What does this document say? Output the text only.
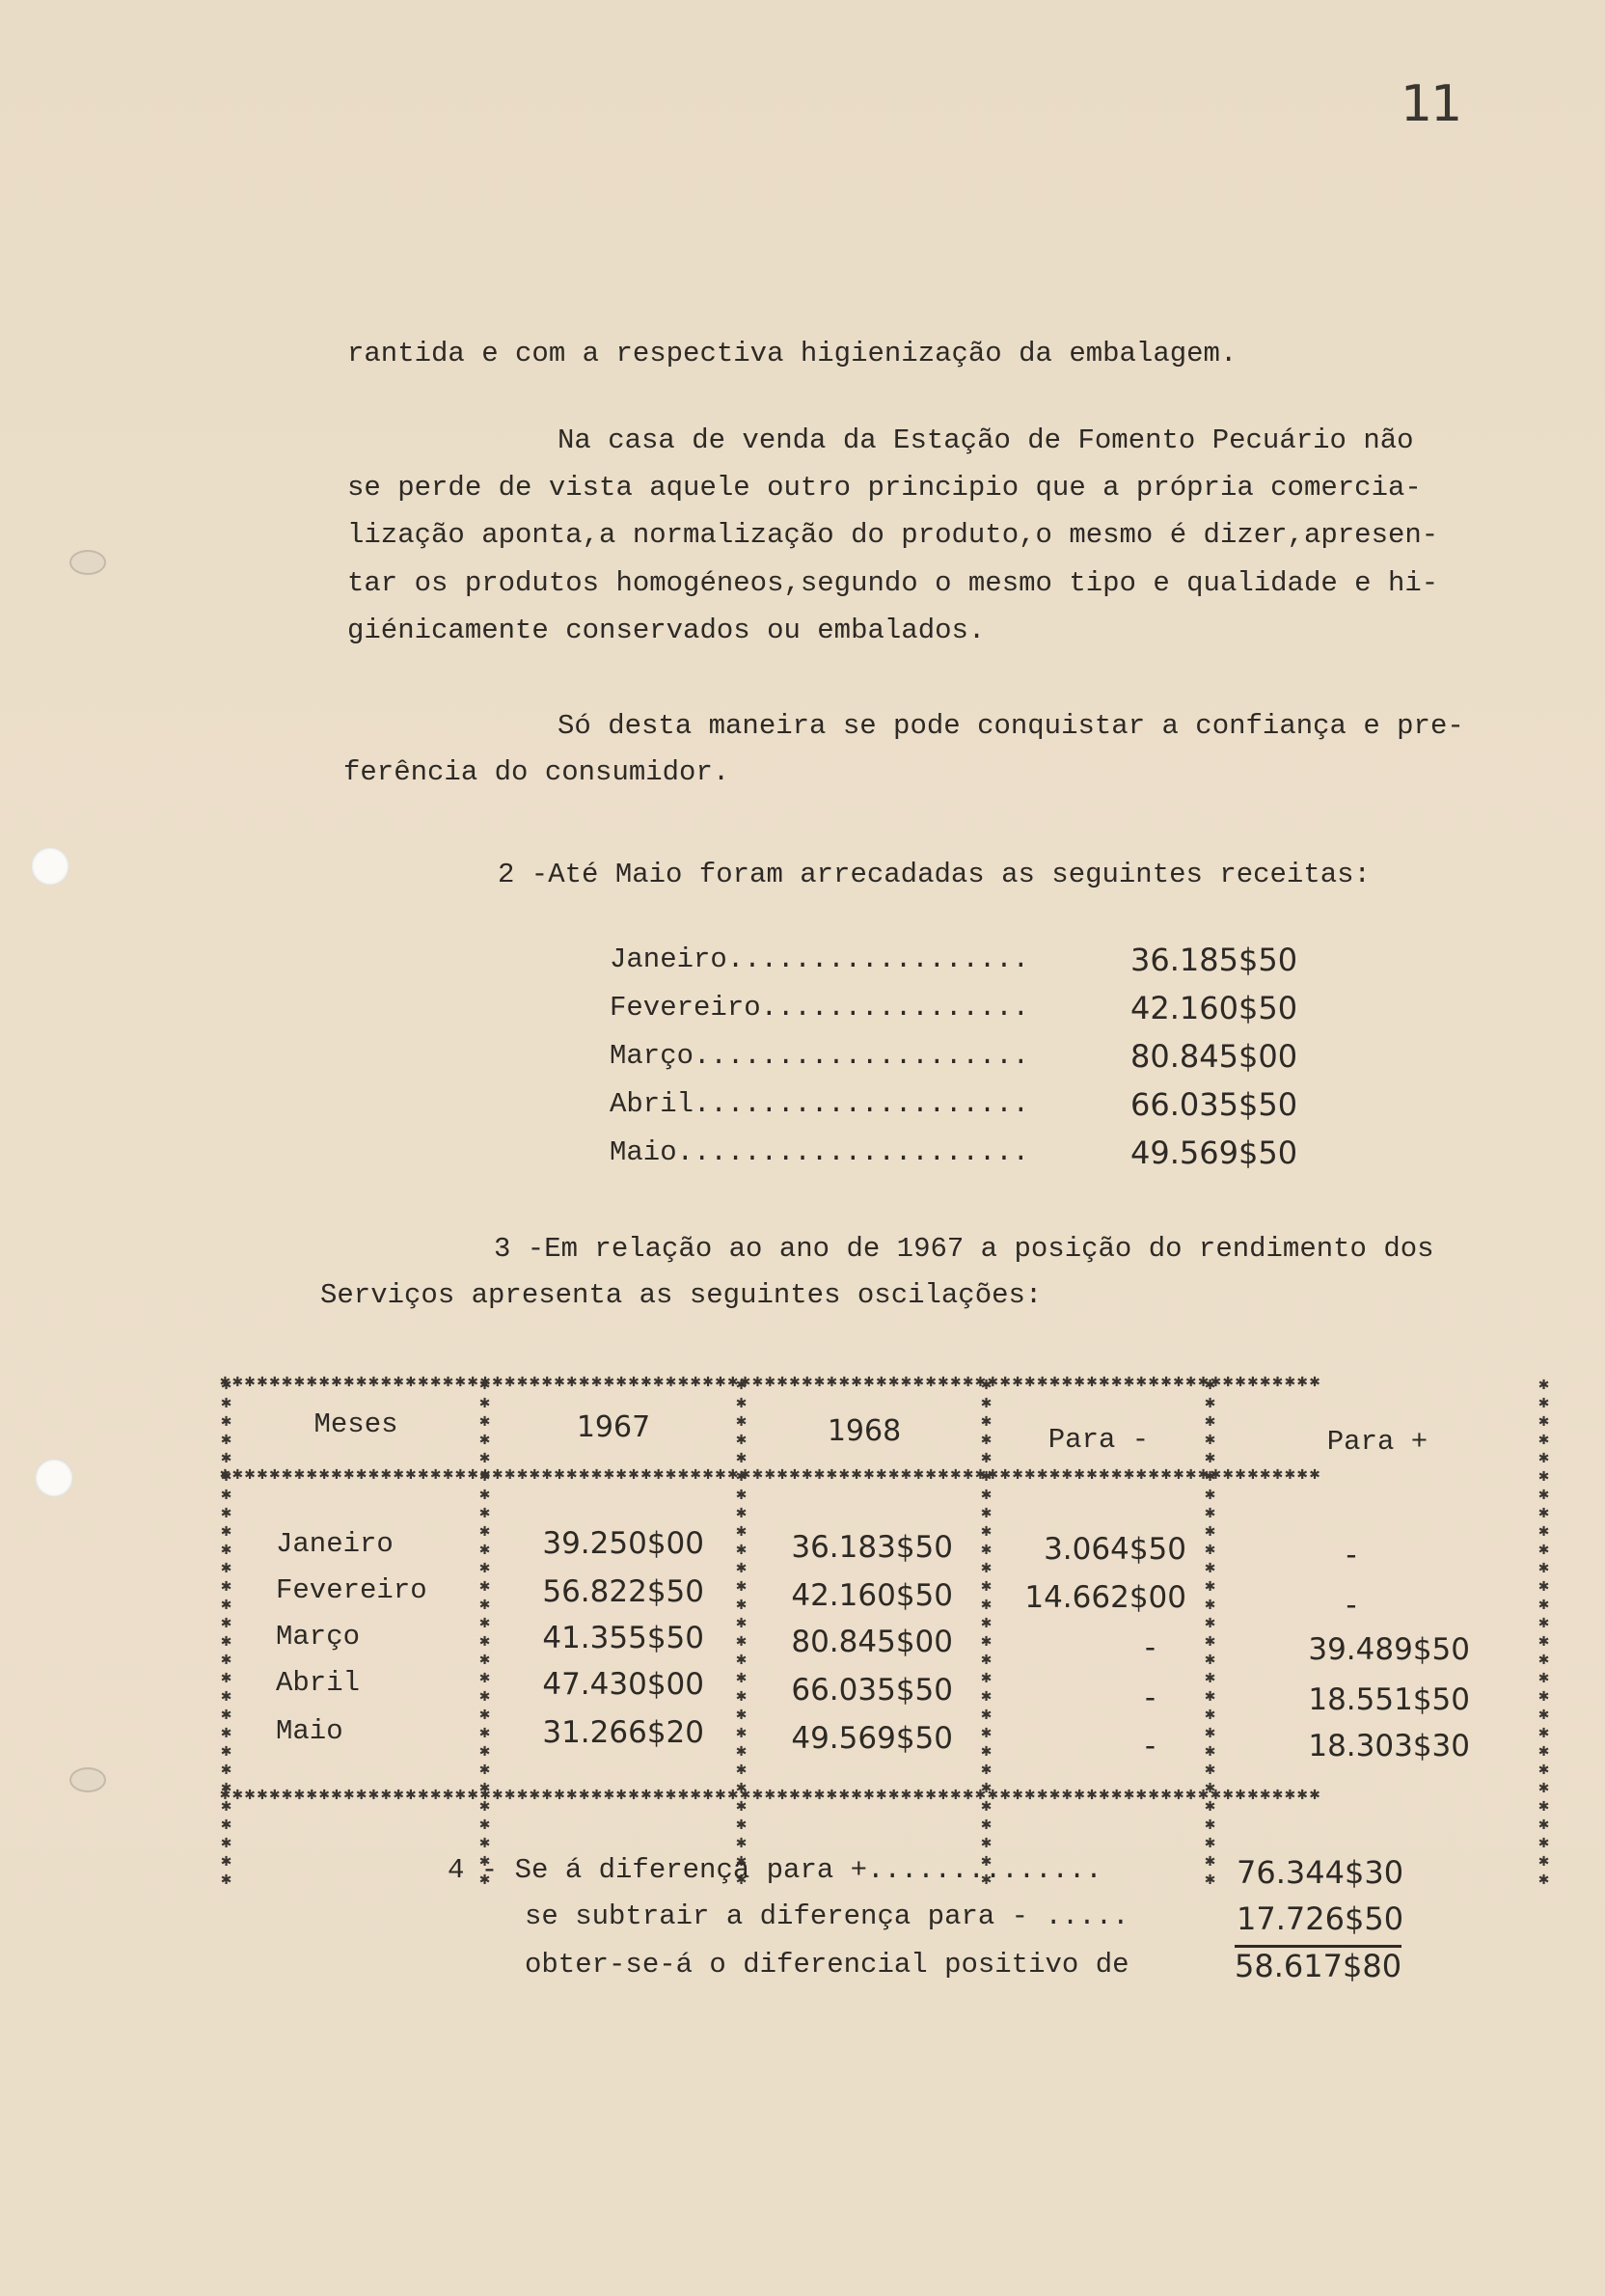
11
rantida e com a respectiva higienização da embalagem.
Na casa de venda da Estação de Fomento Pecuário não
se perde de vista aquele outro principio que a própria comercia-
lização aponta,a normalização do produto,o mesmo é dizer,apresen-
tar os produtos homogéneos,segundo o mesmo tipo e qualidade e hi-
giénicamente conservados ou embalados.
Só desta maneira se pode conquistar a confiança e pre-
ferência do consumidor.
2 -Até Maio foram arrecadadas as seguintes receitas:
Janeiro..................	36.185$50
Fevereiro................	42.160$50
Março....................	80.845$00
Abril....................	66.035$50
Maio.....................	49.569$50
3 -Em relação ao ano de 1967 a posição do rendimento dos
Serviços apresenta as seguintes oscilações:
✱✱✱✱✱✱✱✱✱✱✱✱✱✱✱✱✱✱✱✱✱✱✱✱✱✱✱✱✱✱✱✱✱✱✱✱✱✱✱✱✱✱✱✱✱✱✱✱✱✱✱✱✱✱✱✱✱✱✱✱✱✱✱✱✱✱✱✱✱✱✱✱✱✱✱✱✱✱✱✱✱✱✱✱✱✱✱✱✱
✱✱✱✱✱✱✱✱✱✱✱✱✱✱✱✱✱✱✱✱✱✱✱✱✱✱✱✱✱✱✱✱✱✱✱✱✱✱✱✱✱✱✱✱✱✱✱✱✱✱✱✱✱✱✱✱✱✱✱✱✱✱✱✱✱✱✱✱✱✱✱✱✱✱✱✱✱✱✱✱✱✱✱✱✱✱✱✱✱
✱✱✱✱✱✱✱✱✱✱✱✱✱✱✱✱✱✱✱✱✱✱✱✱✱✱✱✱✱✱✱✱✱✱✱✱✱✱✱✱✱✱✱✱✱✱✱✱✱✱✱✱✱✱✱✱✱✱✱✱✱✱✱✱✱✱✱✱✱✱✱✱✱✱✱✱✱✱✱✱✱✱✱✱✱✱✱✱✱
✱✱✱✱✱✱✱✱✱✱✱✱✱✱✱✱✱✱✱✱✱✱✱✱✱✱✱✱	✱✱✱✱✱✱✱✱✱✱✱✱✱✱✱✱✱✱✱✱✱✱✱✱✱✱✱✱	✱✱✱✱✱✱✱✱✱✱✱✱✱✱✱✱✱✱✱✱✱✱✱✱✱✱✱✱	✱✱✱✱✱✱✱✱✱✱✱✱✱✱✱✱✱✱✱✱✱✱✱✱✱✱✱✱	✱✱✱✱✱✱✱✱✱✱✱✱✱✱✱✱✱✱✱✱✱✱✱✱✱✱✱✱	✱✱✱✱✱✱✱✱✱✱✱✱✱✱✱✱✱✱✱✱✱✱✱✱✱✱✱✱
Meses	1967	1968	Para -	Para +
Janeiro	39.250$00	36.183$50	3.064$50	-
Fevereiro	56.822$50	42.160$50	14.662$00	-
Março	41.355$50	80.845$00	-	39.489$50
Abril	47.430$00	66.035$50	-	18.551$50
Maio	31.266$20	49.569$50	-	18.303$30
4 - Se á diferença para +..............	76.344$30
se subtrair a diferença para - .....	17.726$50
obter-se-á o diferencial positivo de	58.617$80
